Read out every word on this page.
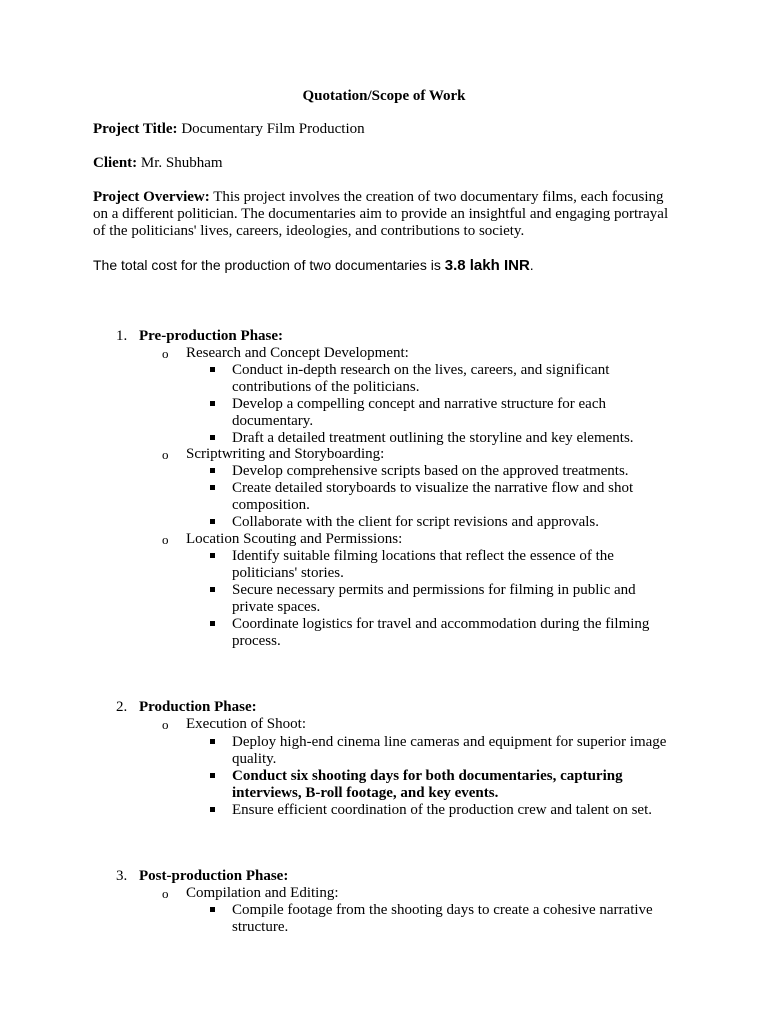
Quotation/Scope of Work
Project Title: Documentary Film Production
Client: Mr. Shubham
Project Overview: This project involves the creation of two documentary films, each focusing on a different politician. The documentaries aim to provide an insightful and engaging portrayal of the politicians' lives, careers, ideologies, and contributions to society.
The total cost for the production of two documentaries is 3.8 lakh INR.
1. Pre-production Phase:
o Research and Concept Development:
Conduct in-depth research on the lives, careers, and significant contributions of the politicians.
Develop a compelling concept and narrative structure for each documentary.
Draft a detailed treatment outlining the storyline and key elements.
o Scriptwriting and Storyboarding:
Develop comprehensive scripts based on the approved treatments.
Create detailed storyboards to visualize the narrative flow and shot composition.
Collaborate with the client for script revisions and approvals.
o Location Scouting and Permissions:
Identify suitable filming locations that reflect the essence of the politicians' stories.
Secure necessary permits and permissions for filming in public and private spaces.
Coordinate logistics for travel and accommodation during the filming process.
2. Production Phase:
o Execution of Shoot:
Deploy high-end cinema line cameras and equipment for superior image quality.
Conduct six shooting days for both documentaries, capturing interviews, B-roll footage, and key events.
Ensure efficient coordination of the production crew and talent on set.
3. Post-production Phase:
o Compilation and Editing:
Compile footage from the shooting days to create a cohesive narrative structure.
